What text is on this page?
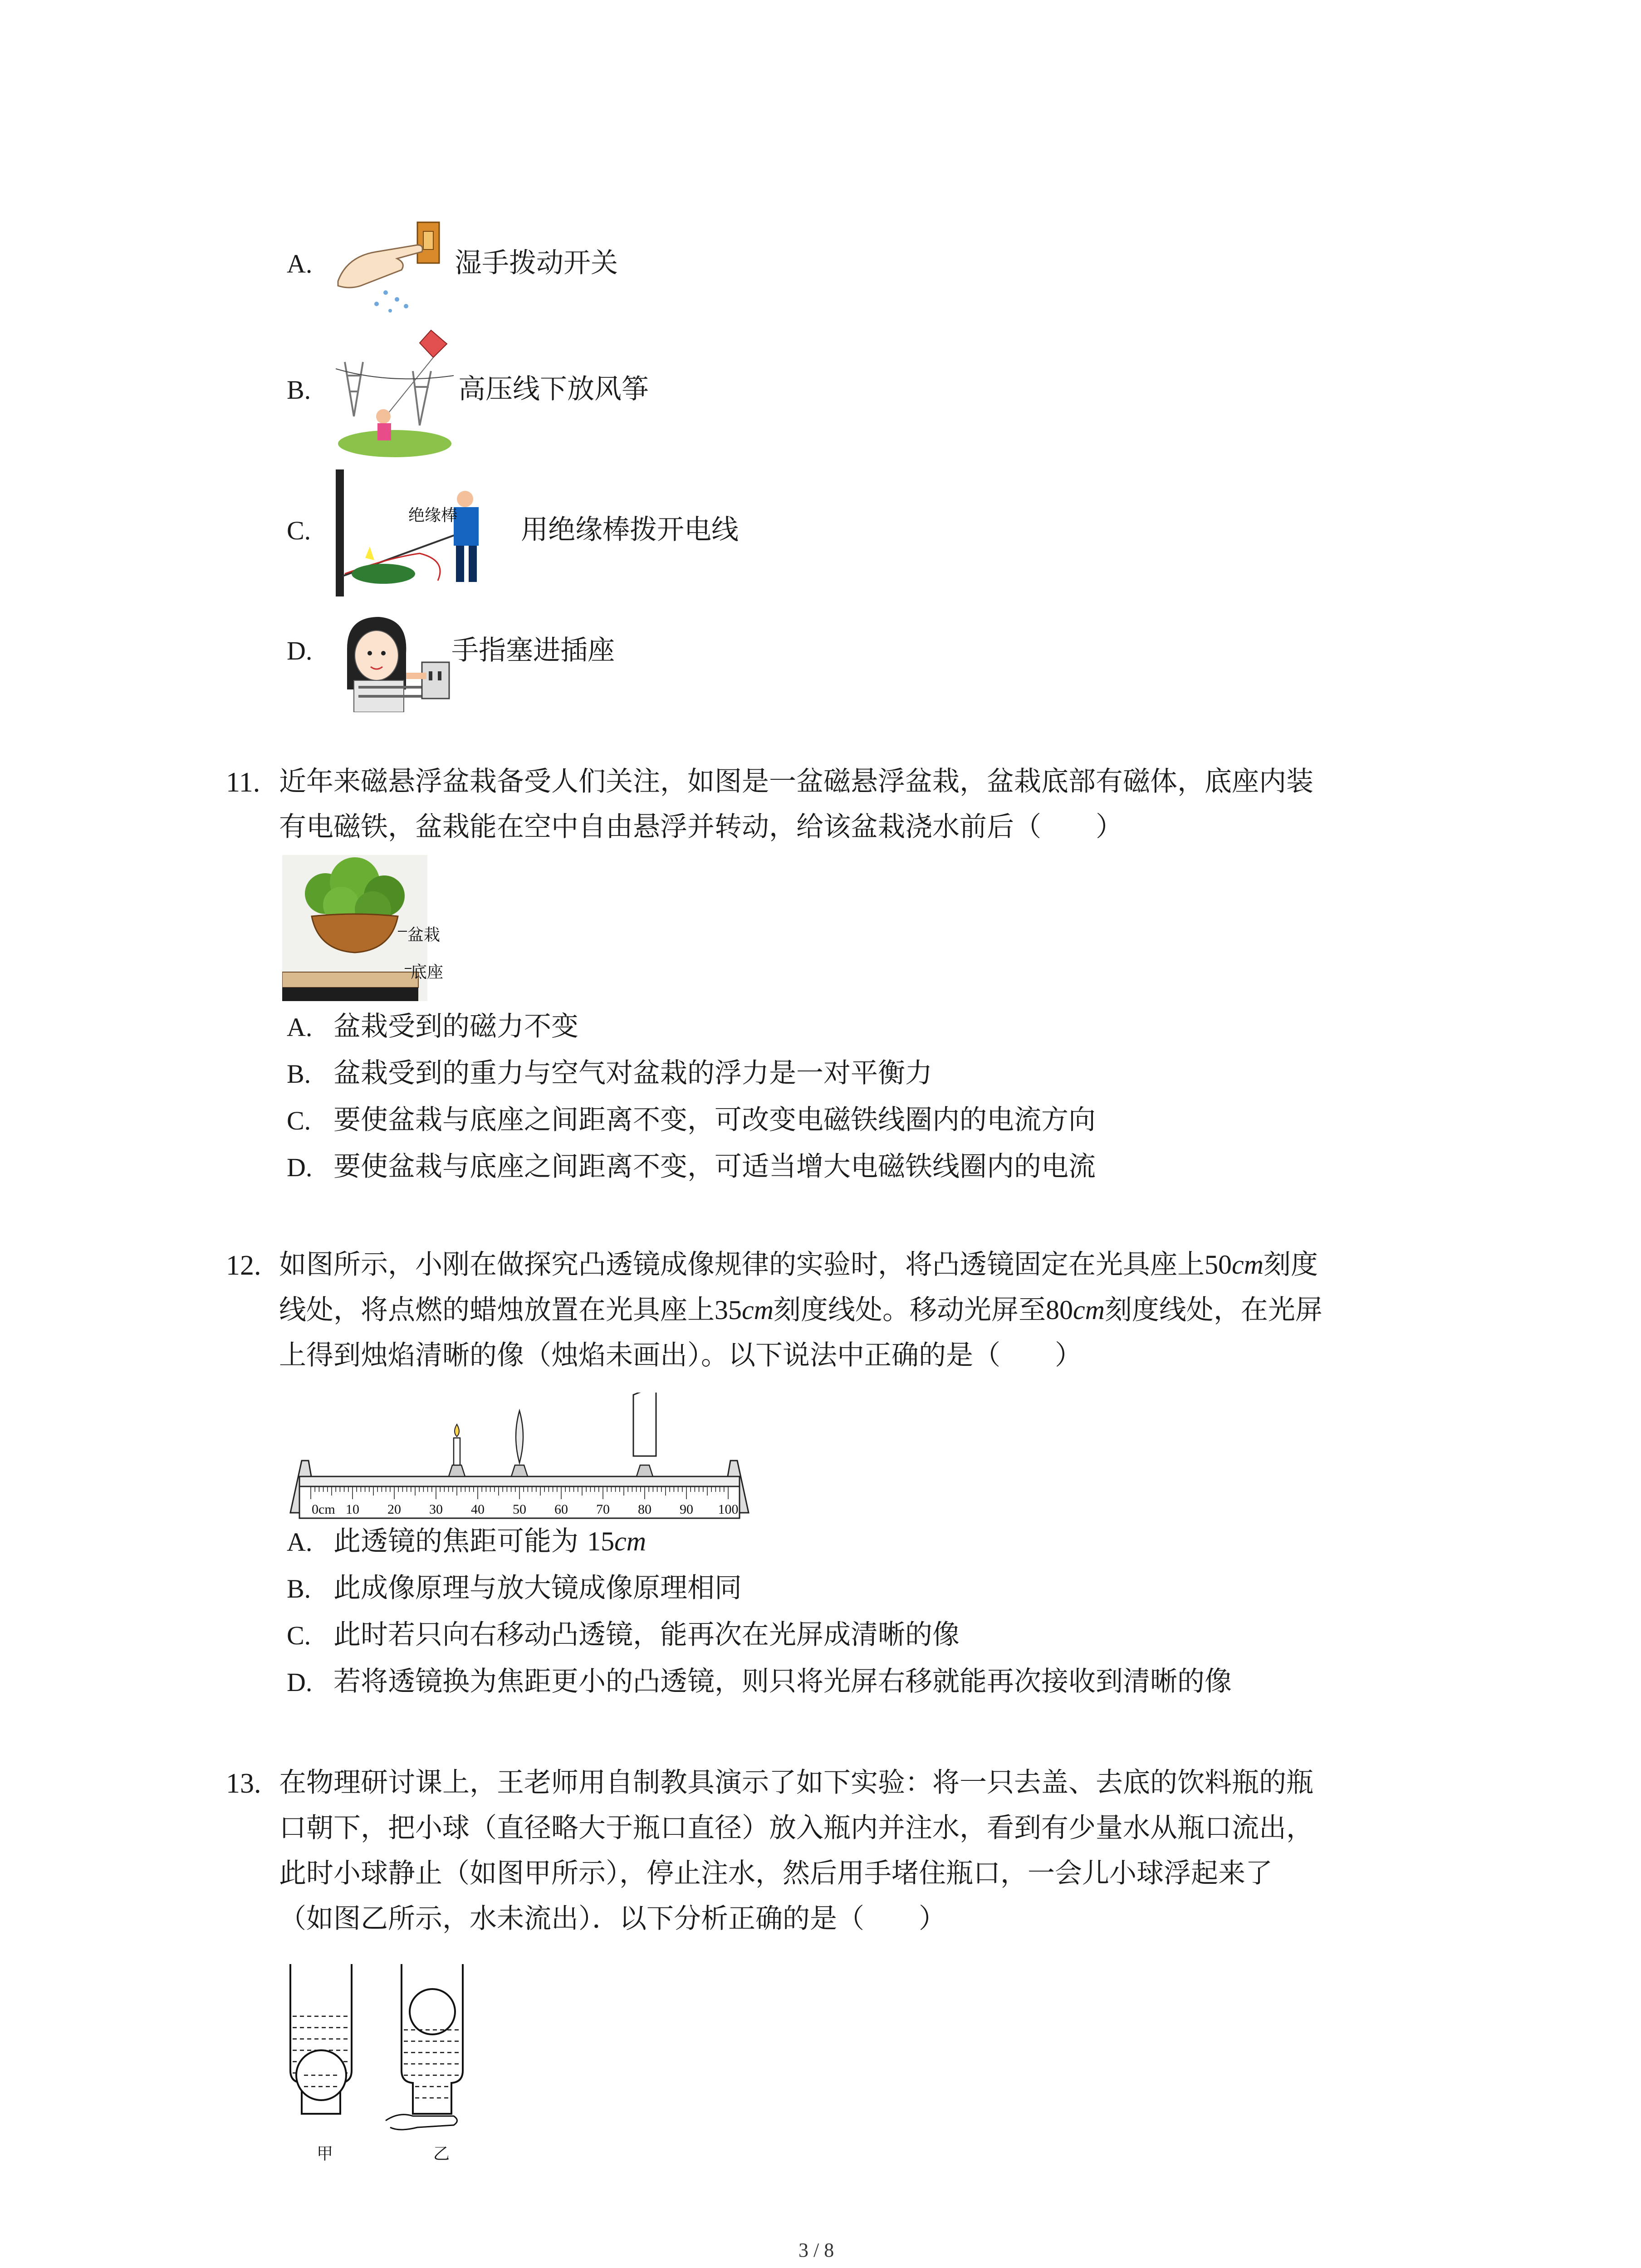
A.	湿手拨动开关
B.	高压线下放风筝
C.
绝缘棒 用绝缘棒拨开电线
D.	手指塞进插座
11. 近年来磁悬浮盆栽备受人们关注，如图是一盆磁悬浮盆栽，盆栽底部有磁体，底座内装
有电磁铁，盆栽能在空中自由悬浮并转动，给该盆栽浇水前后（　　）
盆栽
底座
A. 盆栽受到的磁力不变
B. 盆栽受到的重力与空气对盆栽的浮力是一对平衡力
C. 要使盆栽与底座之间距离不变，可改变电磁铁线圈内的电流方向
D. 要使盆栽与底座之间距离不变，可适当增大电磁铁线圈内的电流
12. 如图所示，小刚在做探究凸透镜成像规律的实验时，将凸透镜固定在光具座上50cm刻度
线处，将点燃的蜡烛放置在光具座上35cm刻度线处。移动光屏至80cm刻度线处，在光屏
上得到烛焰清晰的像（烛焰未画出）。以下说法中正确的是（　　）
0cm 10 20 30 40 50 60 70 80 90 100
A. 此透镜的焦距可能为 15cm
B. 此成像原理与放大镜成像原理相同
C. 此时若只向右移动凸透镜，能再次在光屏成清晰的像
D. 若将透镜换为焦距更小的凸透镜，则只将光屏右移就能再次接收到清晰的像
13. 在物理研讨课上，王老师用自制教具演示了如下实验：将一只去盖、去底的饮料瓶的瓶
口朝下，把小球（直径略大于瓶口直径）放入瓶内并注水，看到有少量水从瓶口流出，
此时小球静止（如图甲所示），停止注水，然后用手堵住瓶口，一会儿小球浮起来了
（如图乙所示，水未流出）．以下分析正确的是（　　）
甲	乙
3 / 8
